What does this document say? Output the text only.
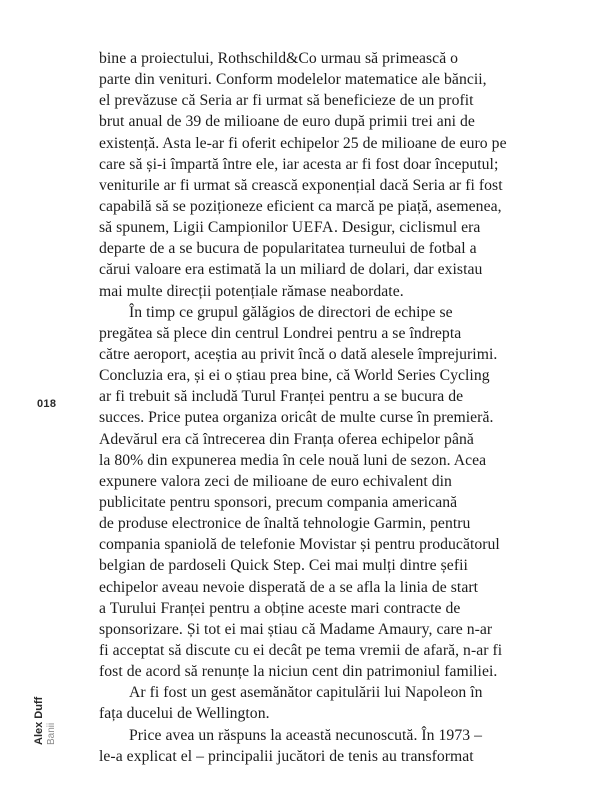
bine a proiectului, Rothschild&Co urmau să primească o
parte din venituri. Conform modelelor matematice ale băncii,
el prevăzuse că Seria ar fi urmat să beneficieze de un profit
brut anual de 39 de milioane de euro după primii trei ani de
existență. Asta le-ar fi oferit echipelor 25 de milioane de euro pe
care să și-i împartă între ele, iar acesta ar fi fost doar începutul;
veniturile ar fi urmat să crească exponențial dacă Seria ar fi fost
capabilă să se poziționeze eficient ca marcă pe piață, asemenea,
să spunem, Ligii Campionilor UEFA. Desigur, ciclismul era
departe de a se bucura de popularitatea turneului de fotbal a
cărui valoare era estimată la un miliard de dolari, dar existau
mai multe direcții potențiale rămase neabordate.
În timp ce grupul gălăgios de directori de echipe se
pregătea să plece din centrul Londrei pentru a se îndrepta
către aeroport, aceștia au privit încă o dată alesele împrejurimi.
Concluzia era, și ei o știau prea bine, că World Series Cycling
ar fi trebuit să includă Turul Franței pentru a se bucura de
succes. Price putea organiza oricât de multe curse în premieră.
Adevărul era că întrecerea din Franța oferea echipelor până
la 80% din expunerea media în cele nouă luni de sezon. Acea
expunere valora zeci de milioane de euro echivalent din
publicitate pentru sponsori, precum compania americană
de produse electronice de înaltă tehnologie Garmin, pentru
compania spaniolă de telefonie Movistar și pentru producătorul
belgian de pardoseli Quick Step. Cei mai mulți dintre șefii
echipelor aveau nevoie disperată de a se afla la linia de start
a Turului Franței pentru a obține aceste mari contracte de
sponsorizare. Și tot ei mai știau că Madame Amaury, care n-ar
fi acceptat să discute cu ei decât pe tema vremii de afară, n-ar fi
fost de acord să renunțe la niciun cent din patrimoniul familiei.
Ar fi fost un gest asemănător capitulării lui Napoleon în
fața ducelui de Wellington.
Price avea un răspuns la această necunoscută. În 1973 –
le-a explicat el – principalii jucători de tenis au transformat
018
Alex Duff Banii
